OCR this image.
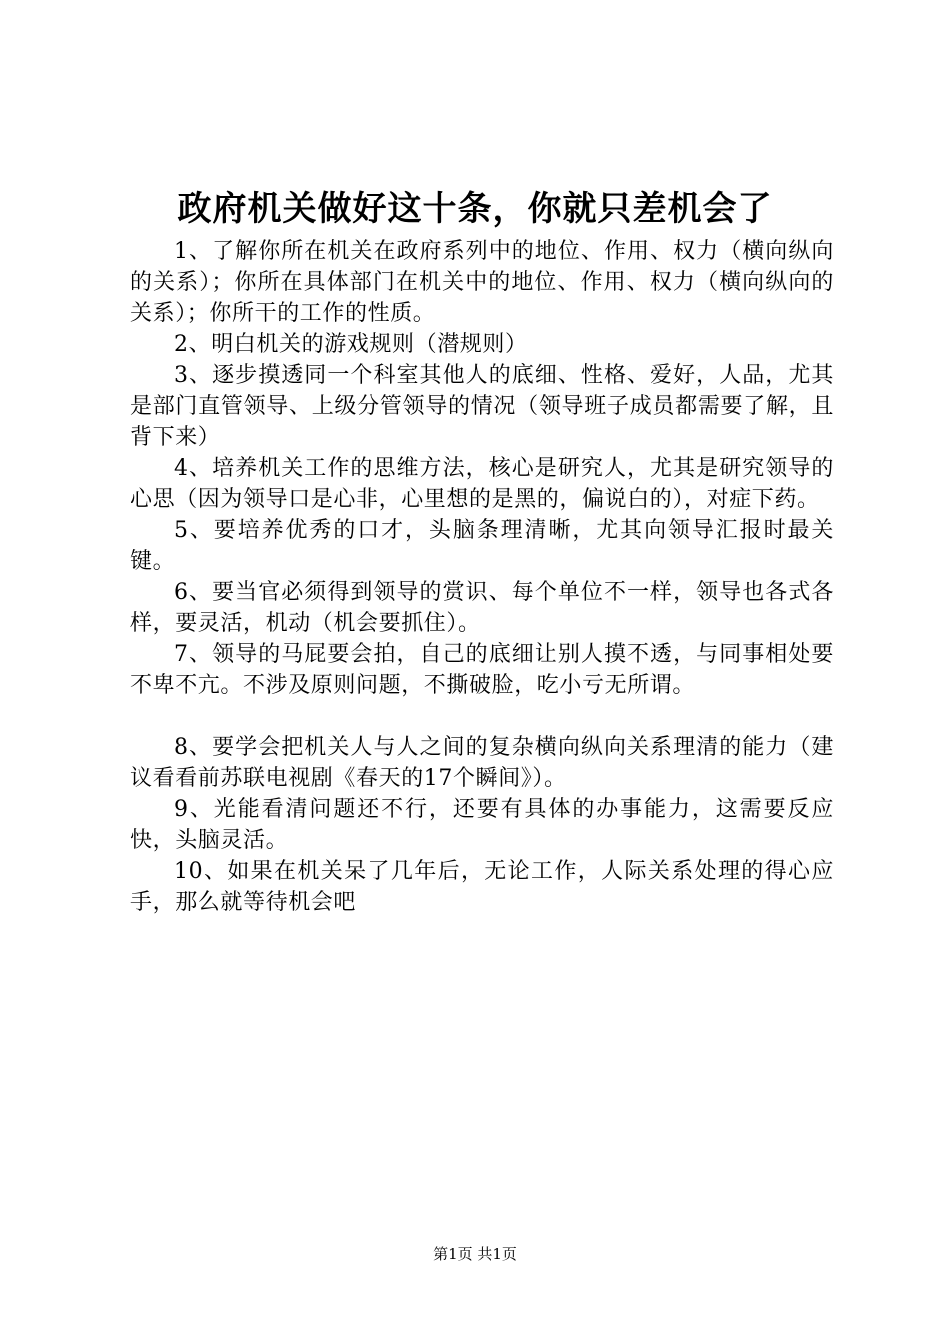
政府机关做好这十条，你就只差机会了

1、了解你所在机关在政府系列中的地位、作用、权力（横向纵向的关系）；你所在具体部门在机关中的地位、作用、权力（横向纵向的关系）；你所干的工作的性质。

2、明白机关的游戏规则（潜规则）

3、逐步摸透同一个科室其他人的底细、性格、爱好，人品，尤其是部门直管领导、上级分管领导的情况（领导班子成员都需要了解，且背下来）

4、培养机关工作的思维方法，核心是研究人，尤其是研究领导的心思（因为领导口是心非，心里想的是黑的，偏说白的），对症下药。

5、要培养优秀的口才，头脑条理清晰，尤其向领导汇报时最关键。

6、要当官必须得到领导的赏识、每个单位不一样，领导也各式各样，要灵活，机动（机会要抓住）。

7、领导的马屁要会拍，自己的底细让别人摸不透，与同事相处要不卑不亢。不涉及原则问题，不撕破脸，吃小亏无所谓。

8、要学会把机关人与人之间的复杂横向纵向关系理清的能力（建议看看前苏联电视剧《春天的17个瞬间》）。

9、光能看清问题还不行，还要有具体的办事能力，这需要反应快，头脑灵活。

10、如果在机关呆了几年后，无论工作，人际关系处理的得心应手，那么就等待机会吧

第1页 共1页
